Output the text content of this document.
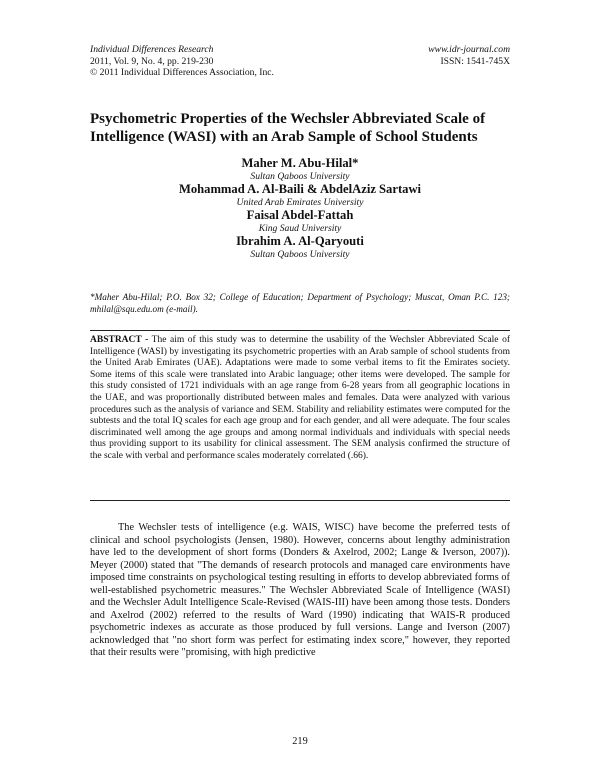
Individual Differences Research
2011, Vol. 9, No. 4, pp. 219-230
© 2011 Individual Differences Association, Inc.
www.idr-journal.com
ISSN: 1541-745X
Psychometric Properties of the Wechsler Abbreviated Scale of Intelligence (WASI) with an Arab Sample of School Students
Maher M. Abu-Hilal*
Sultan Qaboos University
Mohammad A. Al-Baili & AbdelAziz Sartawi
United Arab Emirates University
Faisal Abdel-Fattah
King Saud University
Ibrahim A. Al-Qaryouti
Sultan Qaboos University
*Maher Abu-Hilal; P.O. Box 32; College of Education; Department of Psychology; Muscat, Oman P.C. 123; mhilal@squ.edu.om (e-mail).
ABSTRACT - The aim of this study was to determine the usability of the Wechsler Abbreviated Scale of Intelligence (WASI) by investigating its psychometric properties with an Arab sample of school students from the United Arab Emirates (UAE). Adaptations were made to some verbal items to fit the Emirates society. Some items of this scale were translated into Arabic language; other items were developed. The sample for this study consisted of 1721 individuals with an age range from 6-28 years from all geographic locations in the UAE, and was proportionally distributed between males and females. Data were analyzed with various procedures such as the analysis of variance and SEM. Stability and reliability estimates were computed for the subtests and the total IQ scales for each age group and for each gender, and all were adequate. The four scales discriminated well among the age groups and among normal individuals and individuals with special needs thus providing support to its usability for clinical assessment. The SEM analysis confirmed the structure of the scale with verbal and performance scales moderately correlated (.66).
The Wechsler tests of intelligence (e.g. WAIS, WISC) have become the preferred tests of clinical and school psychologists (Jensen, 1980). However, concerns about lengthy administration have led to the development of short forms (Donders & Axelrod, 2002; Lange & Iverson, 2007)). Meyer (2000) stated that "The demands of research protocols and managed care environments have imposed time constraints on psychological testing resulting in efforts to develop abbreviated forms of well-established psychometric measures." The Wechsler Abbreviated Scale of Intelligence (WASI) and the Wechsler Adult Intelligence Scale-Revised (WAIS-III) have been among those tests. Donders and Axelrod (2002) referred to the results of Ward (1990) indicating that WAIS-R produced psychometric indexes as accurate as those produced by full versions. Lange and Iverson (2007) acknowledged that "no short form was perfect for estimating index score," however, they reported that their results were "promising, with high predictive
219
